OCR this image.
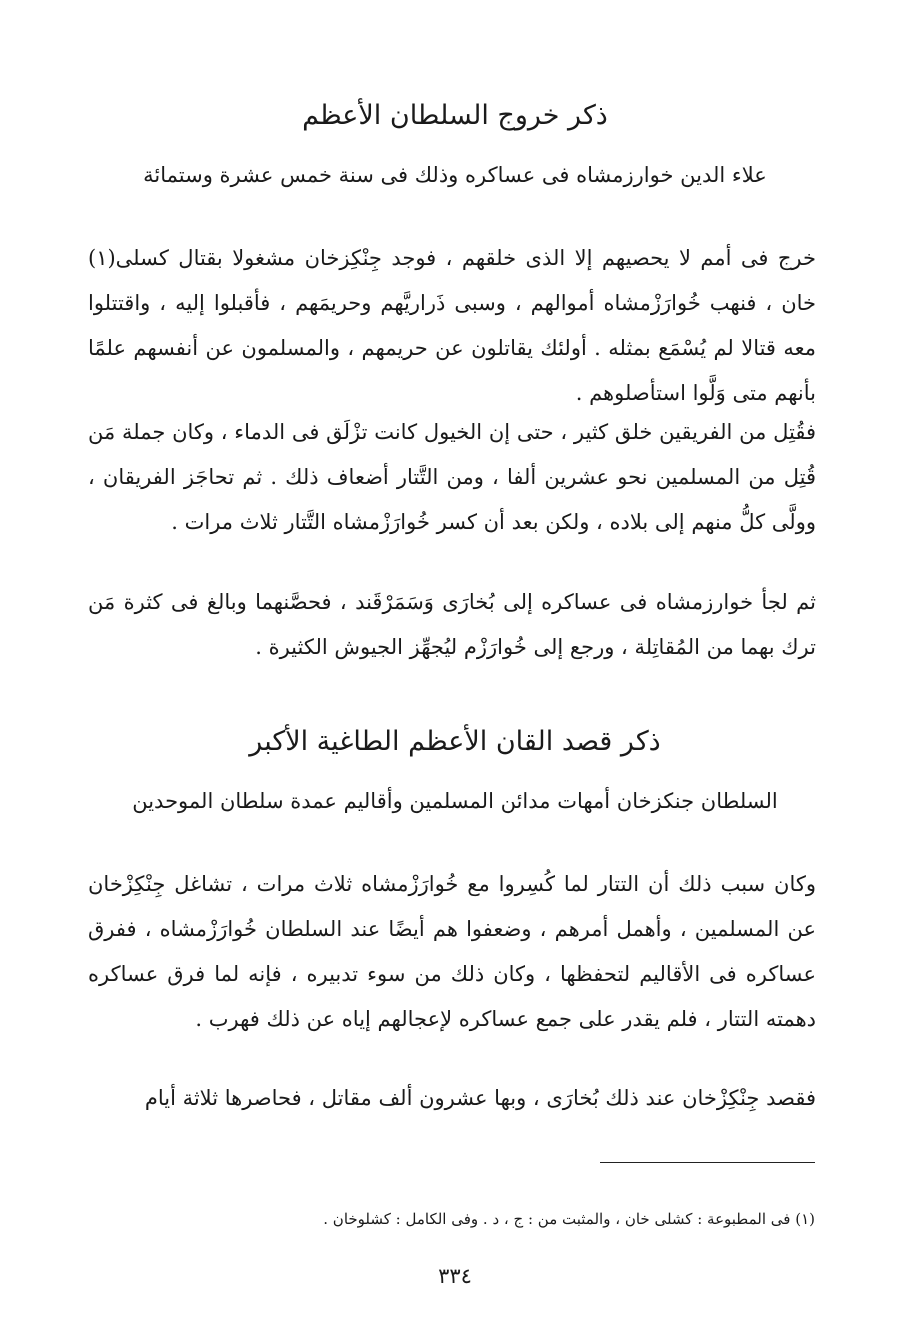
ذكر خروج السلطان الأعظم
علاء الدين خوارزمشاه فى عساكره وذلك فى سنة خمس عشرة وستمائة

خرج فى أمم لا يحصيهم إلا الذى خلقهم ، فوجد جِنْكِزخان مشغولا بقتال كسلى(١) خان ، فنهب خُوارَزْمشاه أموالهم ، وسبى ذَراريَّهم وحريمَهم ، فأقبلوا إليه ، واقتتلوا معه قتالا لم يُسْمَع بمثله . أولئك يقاتلون عن حريمهم ، والمسلمون عن أنفسهم علمًا بأنهم متى وَلَّوا استأصلوهم .

فقُتِل من الفريقين خلق كثير ، حتى إن الخيول كانت تزْلَق فى الدماء ، وكان جملة مَن قُتِل من المسلمين نحو عشرين ألفا ، ومن التَّتار أضعاف ذلك . ثم تحاجَز الفريقان ، وولَّى كلُّ منهم إلى بلاده ، ولكن بعد أن كسر خُوارَزْمشاه التَّتار ثلاث مرات .

ثم لجأ خوارزمشاه فى عساكره إلى بُخارَى وَسَمَرْقَند ، فحصَّنهما وبالغ فى كثرة مَن ترك بهما من المُقاتِلة ، ورجع إلى خُوارَزْم ليُجهِّز الجيوش الكثيرة .

ذكر قصد القان الأعظم الطاغية الأكبر
السلطان جنكزخان أمهات مدائن المسلمين وأقاليم عمدة سلطان الموحدين

وكان سبب ذلك أن التتار لما كُسِروا مع خُوارَزْمشاه ثلاث مرات ، تشاغل جِنْكِزْخان عن المسلمين ، وأهمل أمرهم ، وضعفوا هم أيضًا عند السلطان خُوارَزْمشاه ، ففرق عساكره فى الأقاليم لتحفظها ، وكان ذلك من سوء تدبيره ، فإنه لما فرق عساكره دهمته التتار ، فلم يقدر على جمع عساكره لإعجالهم إياه عن ذلك فهرب .

فقصد جِنْكِزْخان عند ذلك بُخارَى ، وبها عشرون ألف مقاتل ، فحاصرها ثلاثة أيام

(١) فى المطبوعة : كشلى خان ، والمثبت من : ج ، د . وفى الكامل : كشلوخان .
٣٣٤
